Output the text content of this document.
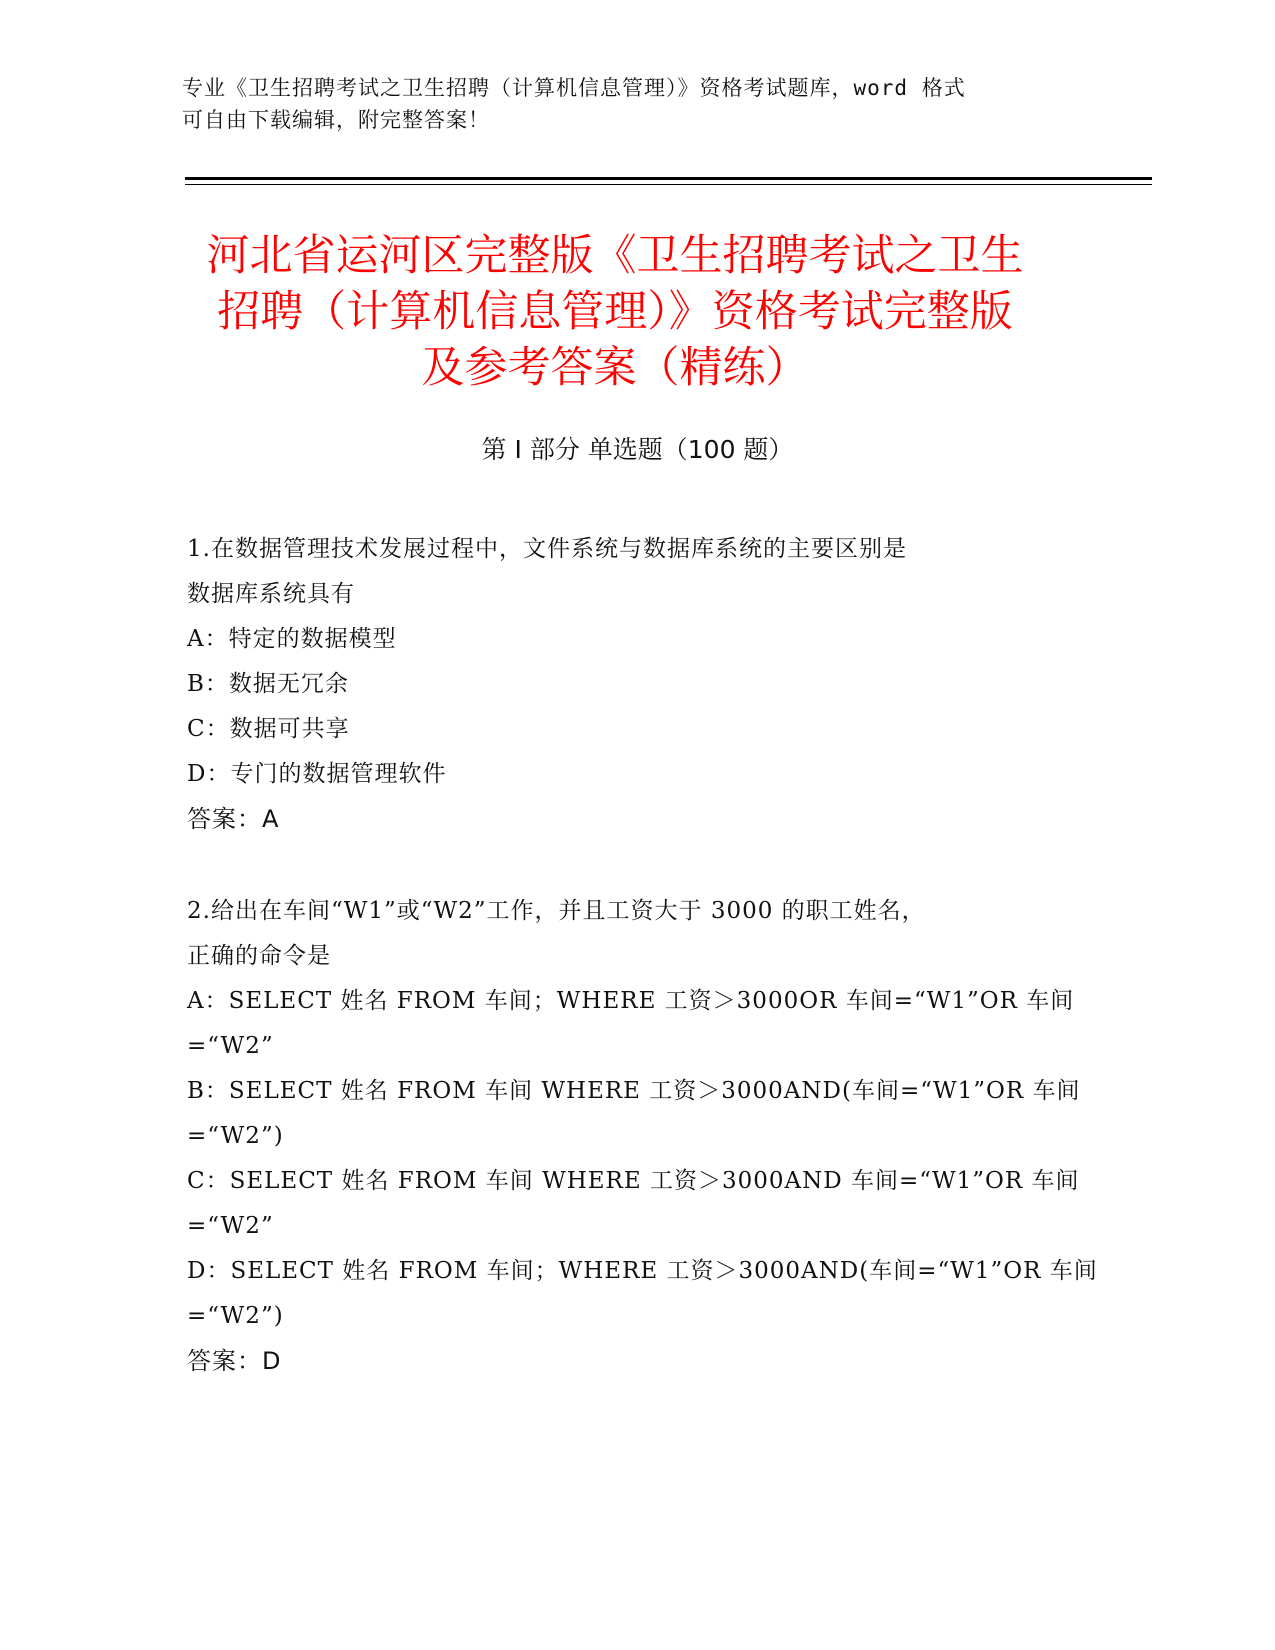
专业《卫生招聘考试之卫生招聘（计算机信息管理）》资格考试题库，word 格式
可自由下载编辑，附完整答案！
河北省运河区完整版《卫生招聘考试之卫生
招聘（计算机信息管理）》资格考试完整版
及参考答案（精练）
第 I 部分 单选题（100 题）
1.在数据管理技术发展过程中，文件系统与数据库系统的主要区别是
数据库系统具有
A：特定的数据模型
B：数据无冗余
C：数据可共享
D：专门的数据管理软件
答案：A
2.给出在车间“W1”或“W2”工作，并且工资大于 3000 的职工姓名，
正确的命令是
A：SELECT 姓名 FROM 车间；WHERE 工资＞3000OR 车间=“W1”OR 车间
=“W2”
B：SELECT 姓名 FROM 车间 WHERE 工资＞3000AND(车间=“W1”OR 车间
=“W2”)
C：SELECT 姓名 FROM 车间 WHERE 工资＞3000AND 车间=“W1”OR 车间
=“W2”
D：SELECT 姓名 FROM 车间；WHERE 工资＞3000AND(车间=“W1”OR 车间
=“W2”)
答案：D
